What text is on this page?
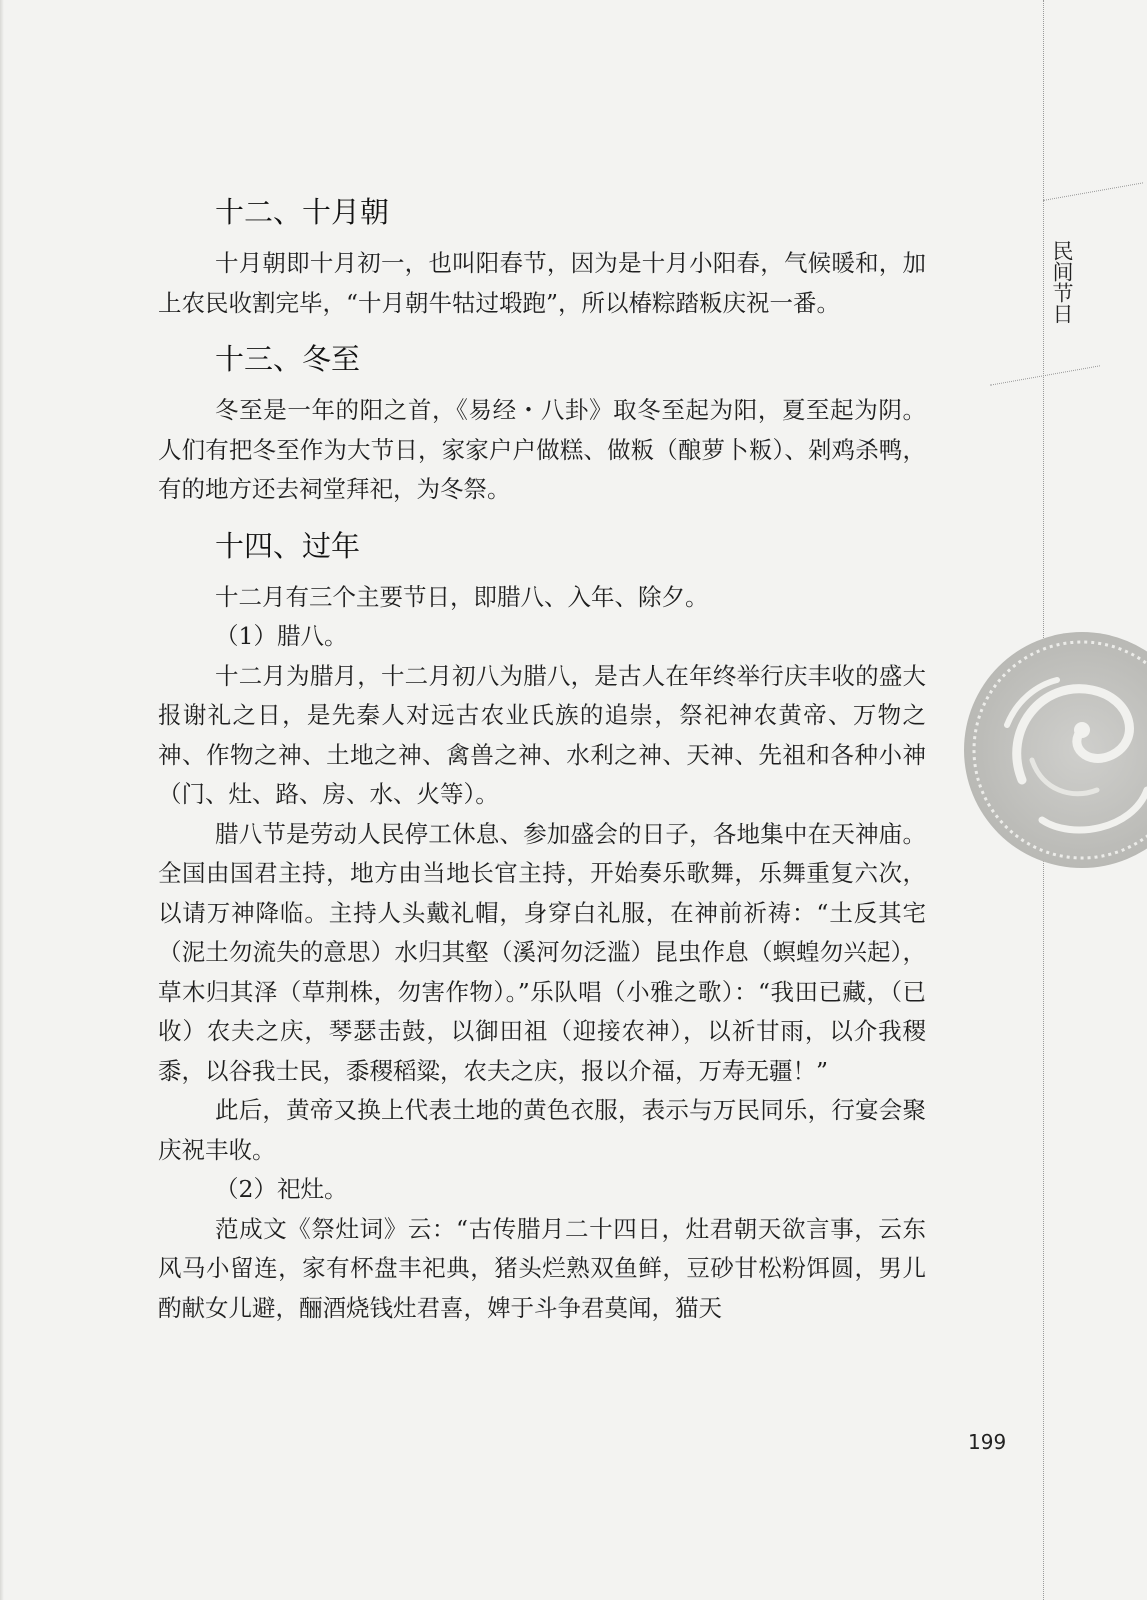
民间节日
十二、十月朝

十月朝即十月初一，也叫阳春节，因为是十月小阳春，气候暖和，加上农民收割完毕，“十月朝牛牯过塅跑”，所以椿粽踏粄庆祝一番。

十三、冬至

冬至是一年的阳之首，《易经・八卦》取冬至起为阳，夏至起为阴。人们有把冬至作为大节日，家家户户做糕、做粄（酿萝卜粄）、剁鸡杀鸭，有的地方还去祠堂拜祀，为冬祭。

十四、过年

十二月有三个主要节日，即腊八、入年、除夕。

（1）腊八。

十二月为腊月，十二月初八为腊八，是古人在年终举行庆丰收的盛大报谢礼之日，是先秦人对远古农业氏族的追崇，祭祀神农黄帝、万物之神、作物之神、土地之神、禽兽之神、水利之神、天神、先祖和各种小神（门、灶、路、房、水、火等）。

腊八节是劳动人民停工休息、参加盛会的日子，各地集中在天神庙。全国由国君主持，地方由当地长官主持，开始奏乐歌舞，乐舞重复六次，以请万神降临。主持人头戴礼帽，身穿白礼服，在神前祈祷：“土反其宅（泥土勿流失的意思）水归其壑（溪河勿泛滥）昆虫作息（螟蝗勿兴起），草木归其泽（草荆株，勿害作物）。”乐队唱（小雅之歌）：“我田已藏，（已收）农夫之庆，琴瑟击鼓，以御田祖（迎接农神），以祈甘雨，以介我稷黍，以谷我士民，黍稷稻粱，农夫之庆，报以介福，万寿无疆！”

此后，黄帝又换上代表土地的黄色衣服，表示与万民同乐，行宴会聚庆祝丰收。

（2）祀灶。

范成文《祭灶词》云：“古传腊月二十四日，灶君朝天欲言事，云东风马小留连，家有杯盘丰祀典，猪头烂熟双鱼鲜，豆砂甘松粉饵圆，男儿酌献女儿避，酾酒烧钱灶君喜，婢于斗争君莫闻，猫天

199
